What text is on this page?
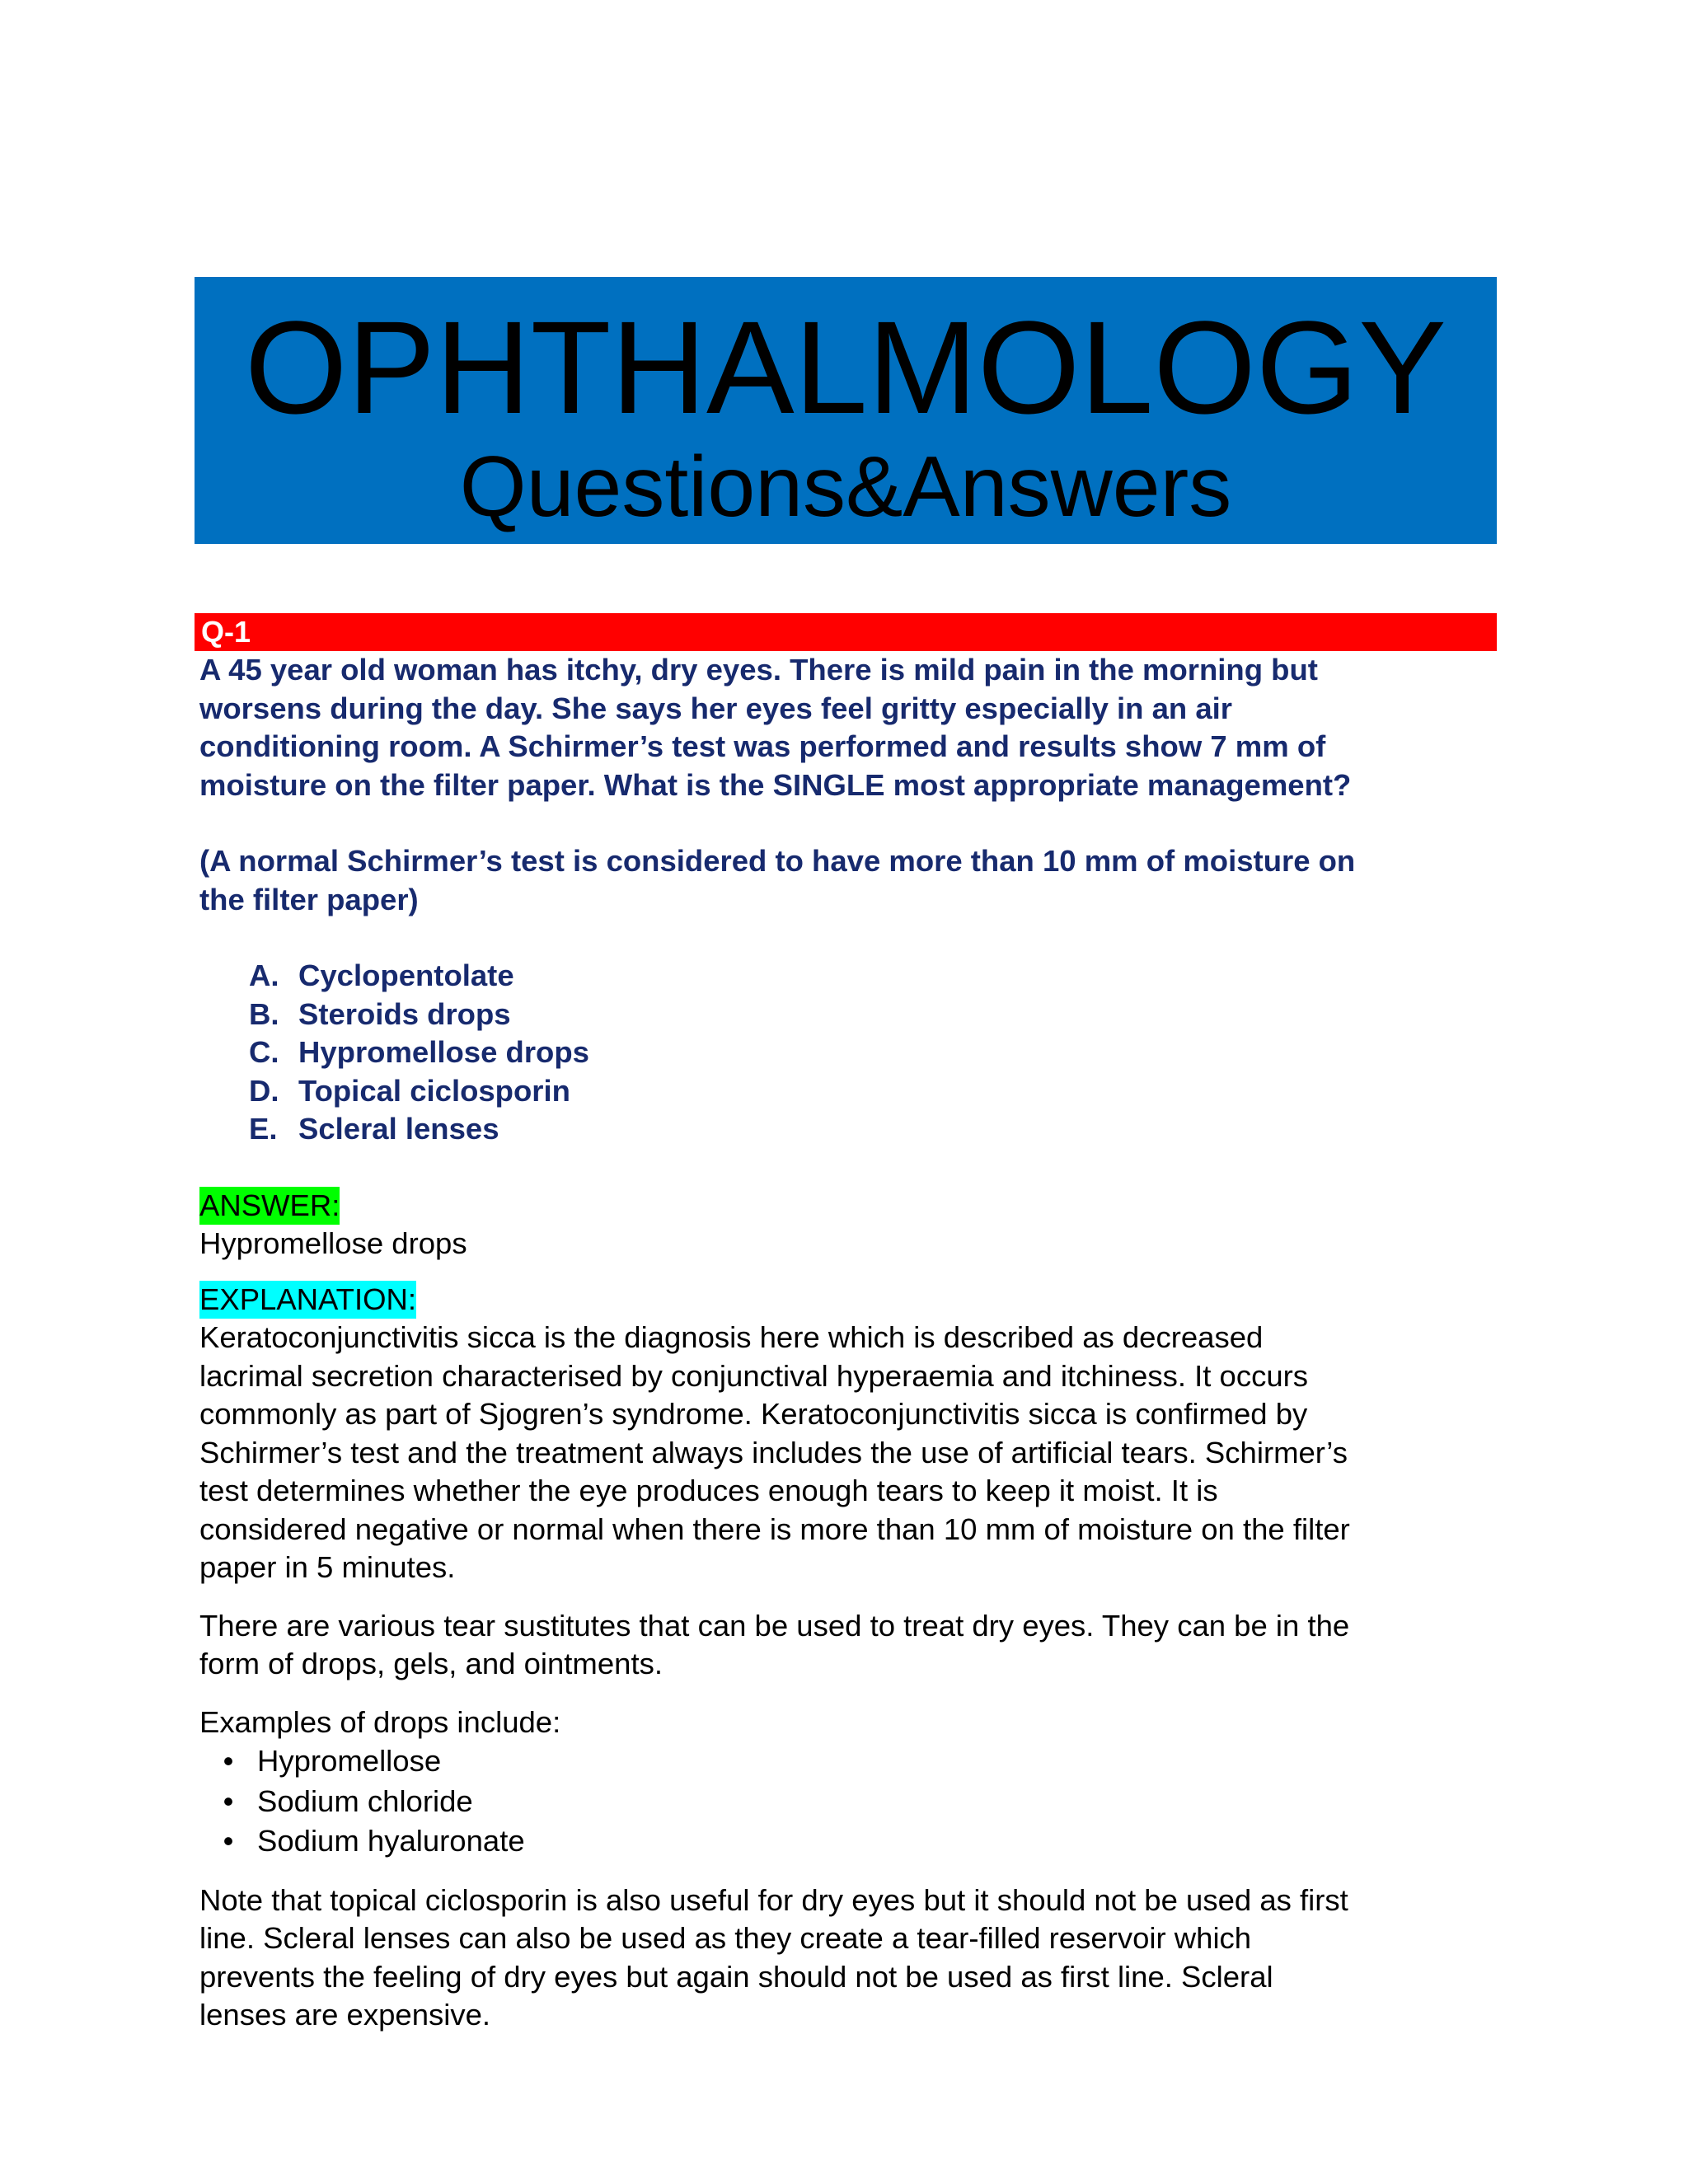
OPHTHALMOLOGY
Questions&Answers
Q-1

A 45 year old woman has itchy, dry eyes. There is mild pain in the morning but

worsens during the day. She says her eyes feel gritty especially in an air

conditioning room. A Schirmer’s test was performed and results show 7 mm of

moisture on the filter paper. What is the SINGLE most appropriate management?

(A normal Schirmer’s test is considered to have more than 10 mm of moisture on

the filter paper)

A. Cyclopentolate
B. Steroids drops
C. Hypromellose drops
D. Topical ciclosporin
E. Scleral lenses
ANSWER:

Hypromellose drops

EXPLANATION:

Keratoconjunctivitis sicca is the diagnosis here which is described as decreased

lacrimal secretion characterised by conjunctival hyperaemia and itchiness. It occurs

commonly as part of Sjogren’s syndrome. Keratoconjunctivitis sicca is confirmed by

Schirmer’s test and the treatment always includes the use of artificial tears. Schirmer’s

test determines whether the eye produces enough tears to keep it moist. It is

considered negative or normal when there is more than 10 mm of moisture on the filter

paper in 5 minutes.

There are various tear sustitutes that can be used to treat dry eyes. They can be in the

form of drops, gels, and ointments.

Examples of drops include:

• Hypromellose
• Sodium chloride
• Sodium hyaluronate

Note that topical ciclosporin is also useful for dry eyes but it should not be used as first

line. Scleral lenses can also be used as they create a tear-filled reservoir which

prevents the feeling of dry eyes but again should not be used as first line. Scleral

lenses are expensive.
